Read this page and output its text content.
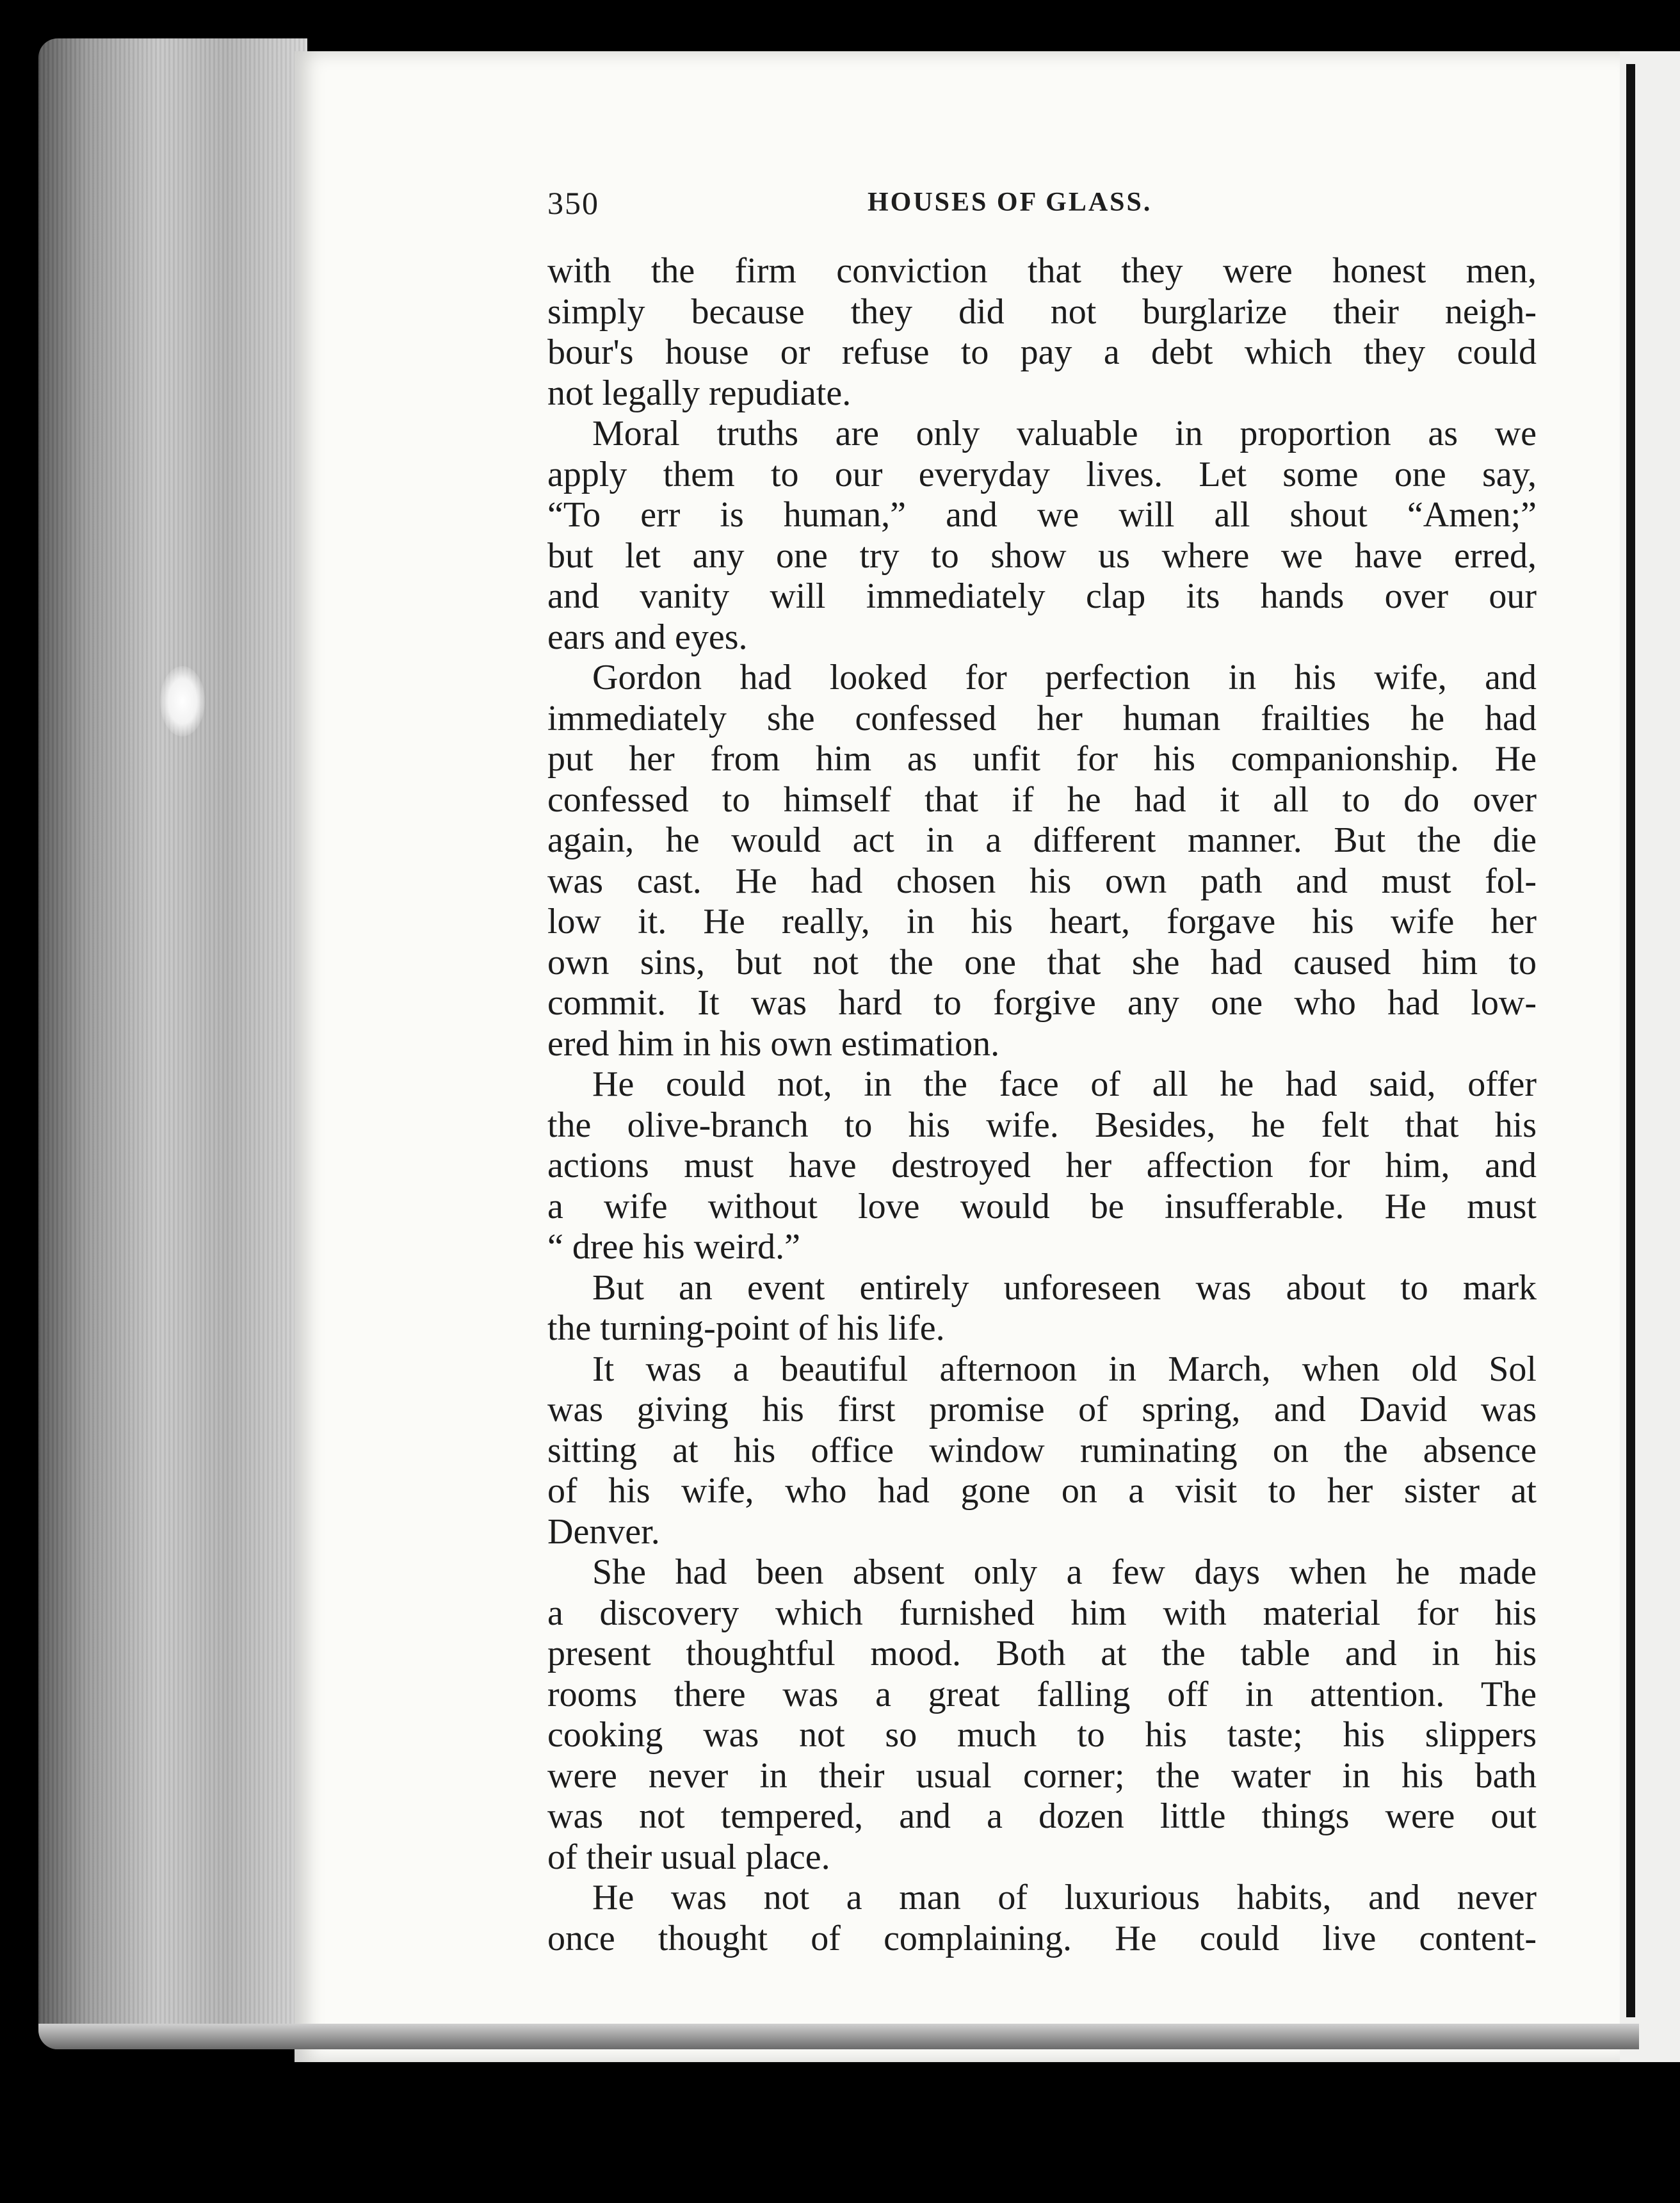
350	HOUSES OF GLASS.
with the firm conviction that they were honest men,
simply because they did not burglarize their neigh-
bour's house or refuse to pay a debt which they could
not legally repudiate.
Moral truths are only valuable in proportion as we
apply them to our everyday lives. Let some one say,
“To err is human,” and we will all shout “Amen;”
but let any one try to show us where we have erred,
and vanity will immediately clap its hands over our
ears and eyes.
Gordon had looked for perfection in his wife, and
immediately she confessed her human frailties he had
put her from him as unfit for his companionship. He
confessed to himself that if he had it all to do over
again, he would act in a different manner. But the die
was cast. He had chosen his own path and must fol-
low it. He really, in his heart, forgave his wife her
own sins, but not the one that she had caused him to
commit. It was hard to forgive any one who had low-
ered him in his own estimation.
He could not, in the face of all he had said, offer
the olive-branch to his wife. Besides, he felt that his
actions must have destroyed her affection for him, and
a wife without love would be insufferable. He must
“ dree his weird.”
But an event entirely unforeseen was about to mark
the turning-point of his life.
It was a beautiful afternoon in March, when old Sol
was giving his first promise of spring, and David was
sitting at his office window ruminating on the absence
of his wife, who had gone on a visit to her sister at
Denver.
She had been absent only a few days when he made
a discovery which furnished him with material for his
present thoughtful mood. Both at the table and in his
rooms there was a great falling off in attention. The
cooking was not so much to his taste; his slippers
were never in their usual corner; the water in his bath
was not tempered, and a dozen little things were out
of their usual place.
He was not a man of luxurious habits, and never
once thought of complaining. He could live content-
